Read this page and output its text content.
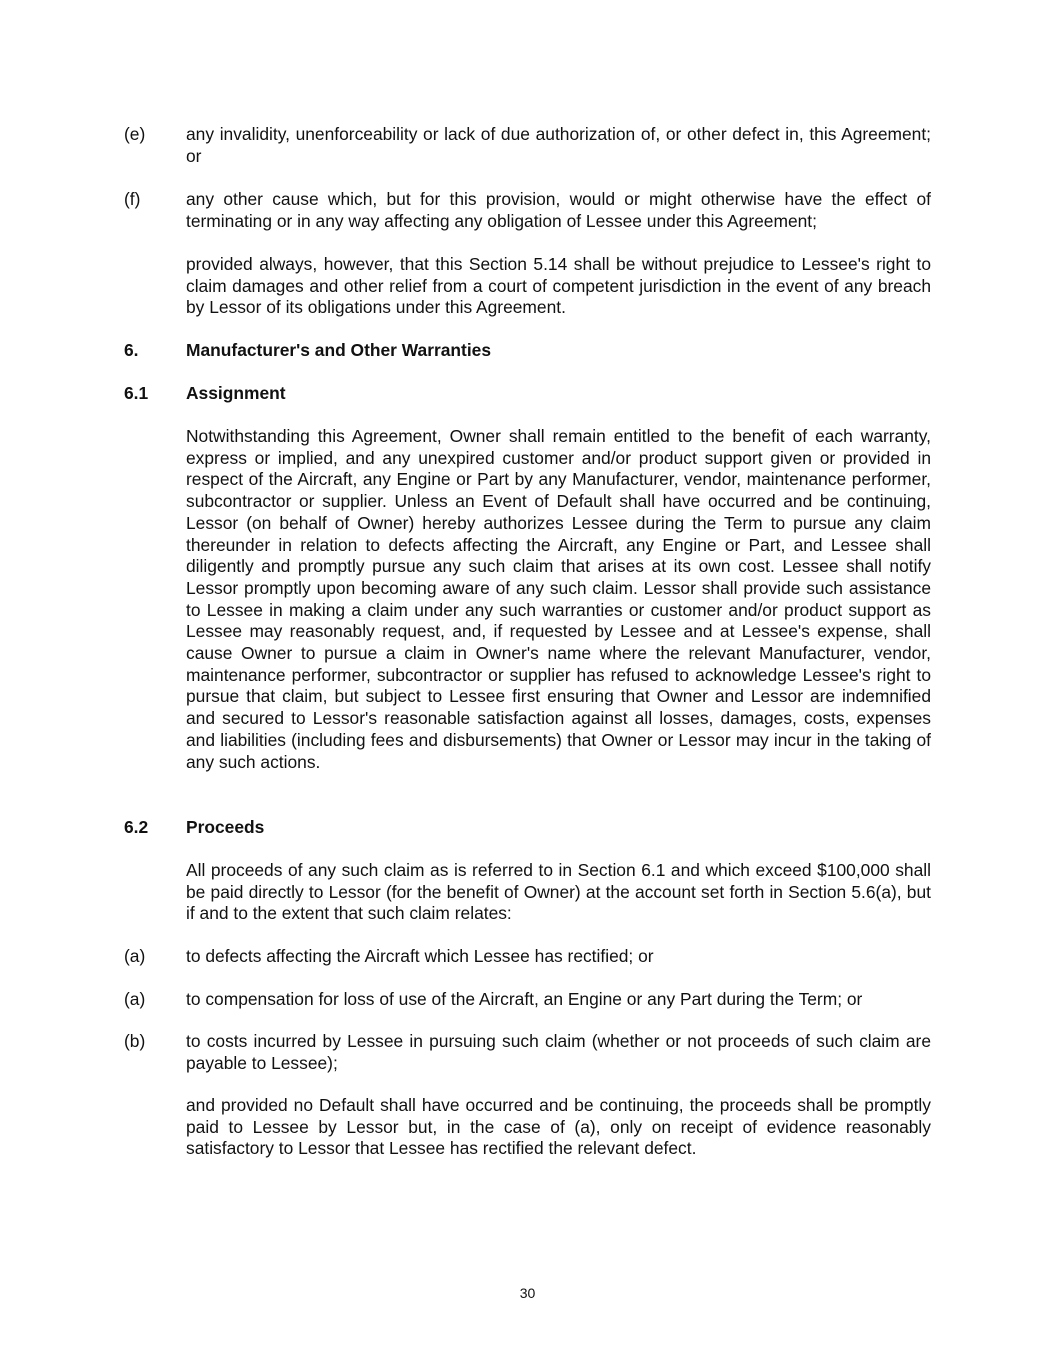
(e) any invalidity, unenforceability or lack of due authorization of, or other defect in, this Agreement; or
(f)	any other cause which, but for this provision, would or might otherwise have the effect of terminating or in any way affecting any obligation of Lessee under this Agreement;
provided always, however, that this Section 5.14 shall be without prejudice to Lessee's right to claim damages and other relief from a court of competent jurisdiction in the event of any breach by Lessor of its obligations under this Agreement.
6.	Manufacturer's and Other Warranties
6.1 Assignment
Notwithstanding this Agreement, Owner shall remain entitled to the benefit of each warranty, express or implied, and any unexpired customer and/or product support given or provided in respect of the Aircraft, any Engine or Part by any Manufacturer, vendor, maintenance performer, subcontractor or supplier. Unless an Event of Default shall have occurred and be continuing, Lessor (on behalf of Owner) hereby authorizes Lessee during the Term to pursue any claim thereunder in relation to defects affecting the Aircraft, any Engine or Part, and Lessee shall diligently and promptly pursue any such claim that arises at its own cost. Lessee shall notify Lessor promptly upon becoming aware of any such claim. Lessor shall provide such assistance to Lessee in making a claim under any such warranties or customer and/or product support as Lessee may reasonably request, and, if requested by Lessee and at Lessee's expense, shall cause Owner to pursue a claim in Owner's name where the relevant Manufacturer, vendor, maintenance performer, subcontractor or supplier has refused to acknowledge Lessee's right to pursue that claim, but subject to Lessee first ensuring that Owner and Lessor are indemnified and secured to Lessor's reasonable satisfaction against all losses, damages, costs, expenses and liabilities (including fees and disbursements) that Owner or Lessor may incur in the taking of any such actions.
6.2 Proceeds
All proceeds of any such claim as is referred to in Section 6.1 and which exceed $100,000 shall be paid directly to Lessor (for the benefit of Owner) at the account set forth in Section 5.6(a), but if and to the extent that such claim relates:
(a) to defects affecting the Aircraft which Lessee has rectified; or
(a) to compensation for loss of use of the Aircraft, an Engine or any Part during the Term; or
(b) to costs incurred by Lessee in pursuing such claim (whether or not proceeds of such claim are payable to Lessee);
and provided no Default shall have occurred and be continuing, the proceeds shall be promptly paid to Lessee by Lessor but, in the case of (a), only on receipt of evidence reasonably satisfactory to Lessor that Lessee has rectified the relevant defect.
30
